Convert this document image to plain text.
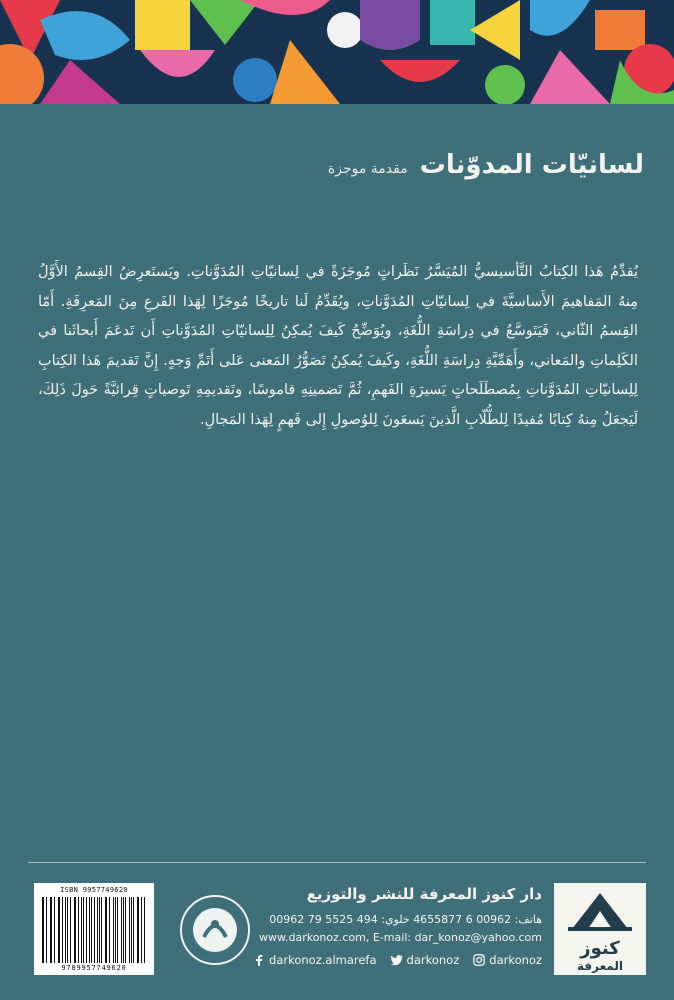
لسانيّات المدوّنات
مقدمة موجزة
يُقدِّمُ هَذا الكِتابُ التَّأسيسيُّ المُيَسَّرُ نَظَراتٍ مُوجَزَةً في لِسانيّاتِ المُدَوَّناتِ. ويَستَعرِضُ القِسمُ الأَوَّلُ مِنهُ المَفاهيمَ الأَساسيَّةَ في لِسانيّاتِ المُدَوَّناتِ، ويُقَدِّمُ لَنا تاريخًا مُوجَزًا لِهَذا الفَرعِ مِنَ المَعرِفَةِ. أَمّا القِسمُ الثّاني، فَيَتَوسَّعُ في دِراسَةِ اللُّغَةِ، ويُوَضِّحُ كَيفَ يُمكِنُ لِلِسانيّاتِ المُدَوَّناتِ أَن تَدعَمَ أَبحاثَنا في الكَلِماتِ والمَعاني، وأَهَمِّيَّةِ دِراسَةِ اللُّغَةِ، وكَيفَ يُمكِنُ تَصَوُّرُ المَعنى عَلى أَتَمِّ وَجهٍ. إِنَّ تَقديمَ هَذا الكِتابِ لِلِسانيّاتِ المُدَوَّناتِ بِمُصطَلَحاتٍ يَسيرَةِ الفَهمِ، ثُمَّ تَضمينِهِ قاموسًا، وتَقديمِهِ تَوصياتٍ قِرائيَّةً حَولَ ذَلِكَ، لَيَجعَلُ مِنهُ كِتابًا مُفيدًا لِلطُّلّابِ الَّذينَ يَسعَونَ لِلوُصولِ إِلى فَهمٍ لِهَذا المَجالِ.
ISBN 9957749620
9789957749620
دار كنوز المعرفة للنشر والتوزيع
هاتف: 00962 6 4655877 خلوي: 494 5525 79 00962
www.darkonoz.com, E-mail: dar_konoz@yahoo.com
darkonoz.almarefa	darkonoz	darkonoz
كنوز
المعرفة
